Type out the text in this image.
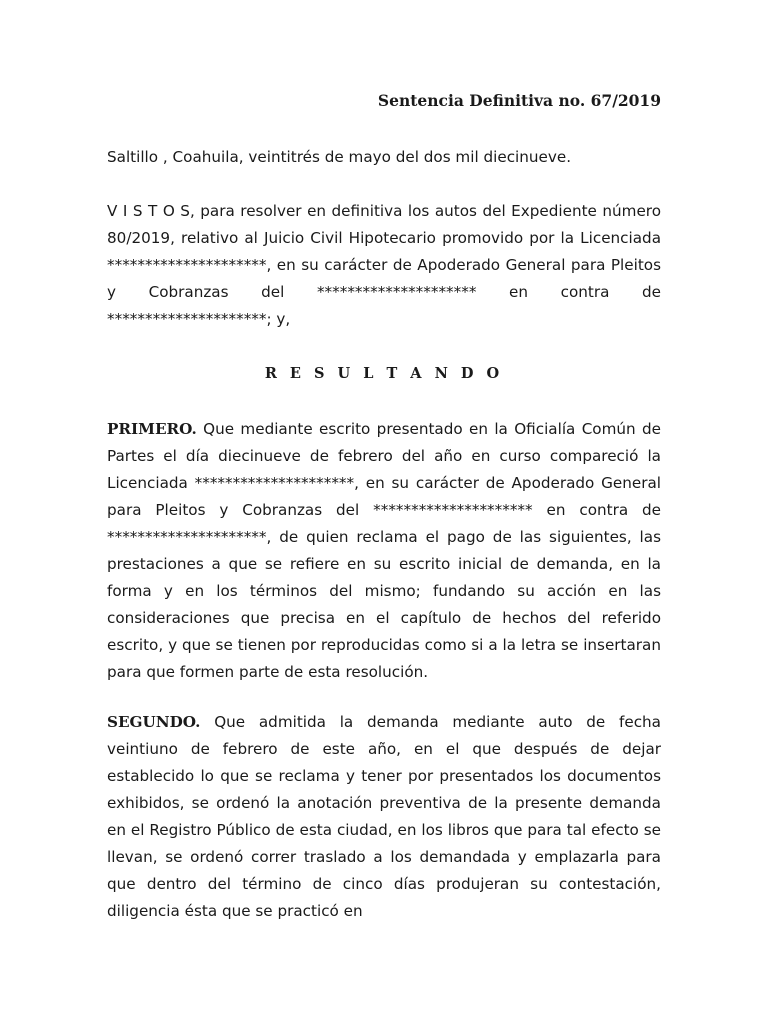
Sentencia Definitiva no. 67/2019

Saltillo , Coahuila, veintitrés de mayo del dos mil diecinueve.

V I S T O S, para resolver en definitiva los autos del Expediente número 80/2019, relativo al Juicio Civil Hipotecario promovido por la Licenciada *********************, en su carácter de Apoderado General para Pleitos y Cobranzas del ********************* en contra de *********************; y,

R E S U L T A N D O

PRIMERO. Que mediante escrito presentado en la Oficialía Común de Partes el día diecinueve de febrero del año en curso compareció la Licenciada *********************, en su carácter de Apoderado General para Pleitos y Cobranzas del ********************* en contra de *********************, de quien reclama el pago de las siguientes, las prestaciones a que se refiere en su escrito inicial de demanda, en la forma y en los términos del mismo; fundando su acción en las consideraciones que precisa en el capítulo de hechos del referido escrito, y que se tienen por reproducidas como si a la letra se insertaran para que formen parte de esta resolución.

SEGUNDO. Que admitida la demanda mediante auto de fecha veintiuno de febrero de este año, en el que después de dejar establecido lo que se reclama y tener por presentados los documentos exhibidos, se ordenó la anotación preventiva de la presente demanda en el Registro Público de esta ciudad, en los libros que para tal efecto se llevan, se ordenó correr traslado a los demandada y emplazarla para que dentro del término de cinco días produjeran su contestación, diligencia ésta que se practicó en
